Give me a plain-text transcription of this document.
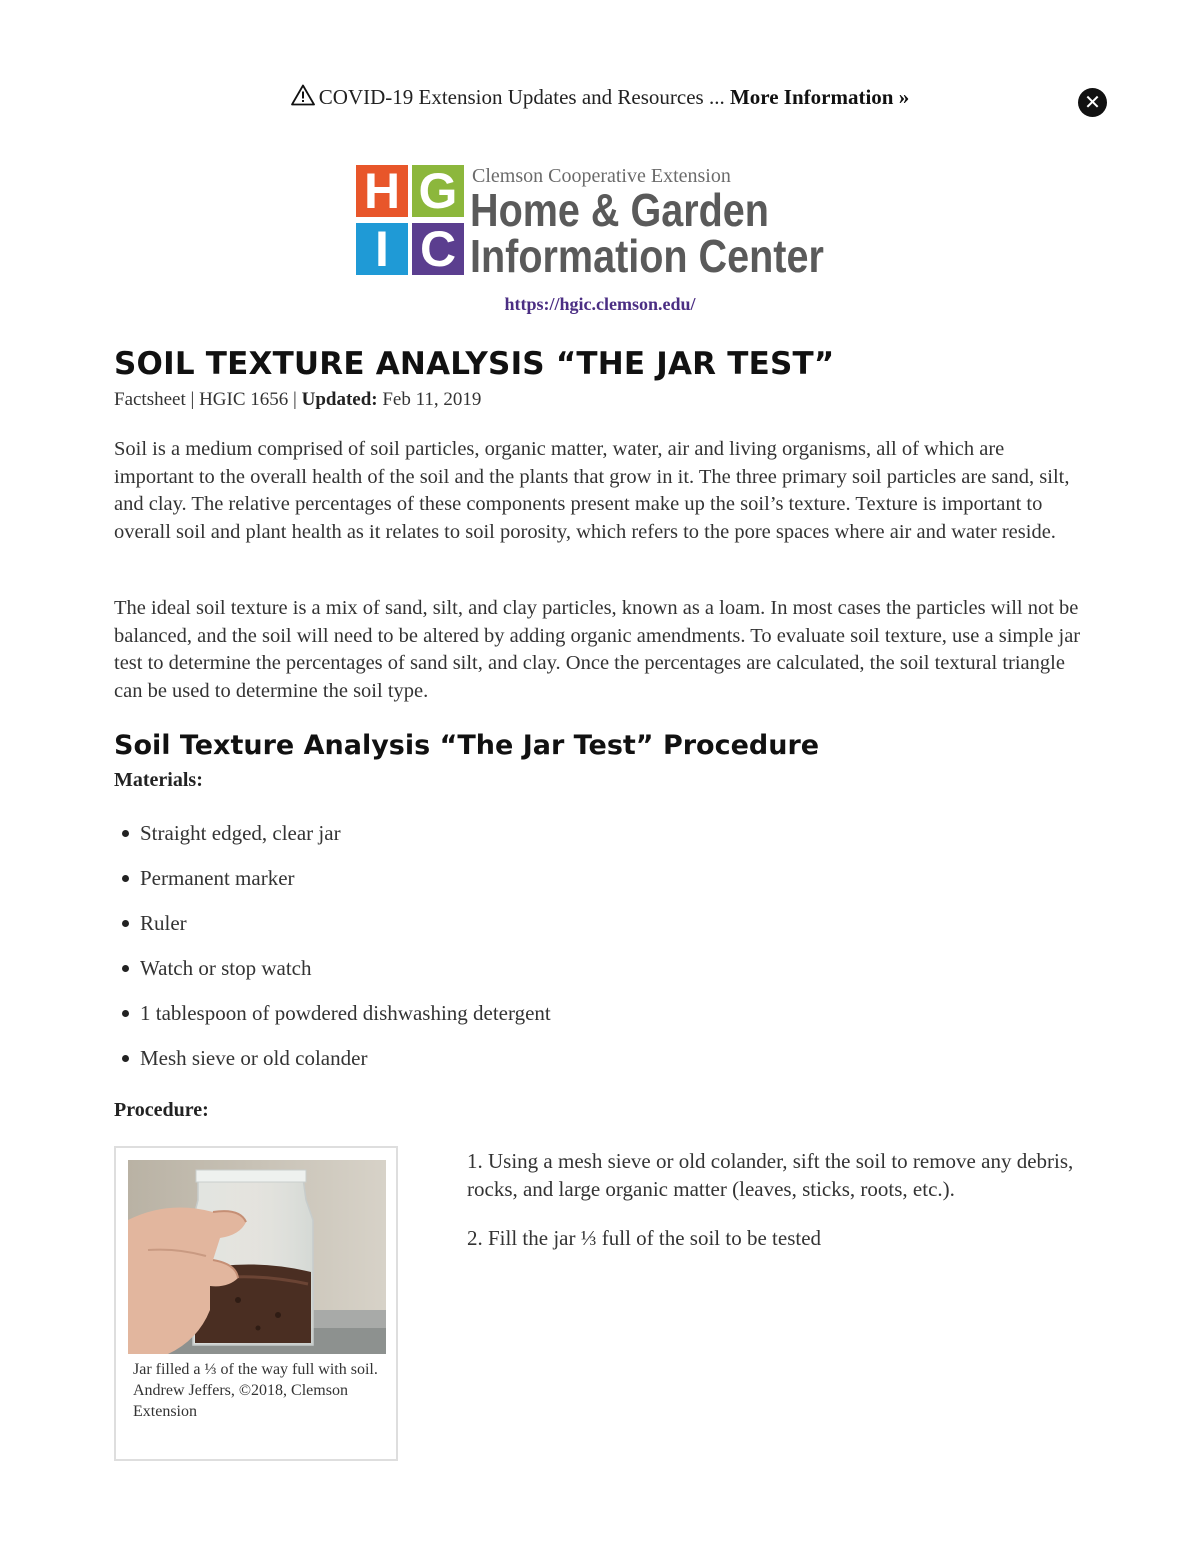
COVID-19 Extension Updates and Resources ... More Information »	✕
H G
I C
Clemson Cooperative Extension
Home & Garden
Information Center
https://hgic.clemson.edu/
SOIL TEXTURE ANALYSIS “THE JAR TEST”
Factsheet | HGIC 1656 | Updated: Feb 11, 2019

Soil is a medium comprised of soil particles, organic matter, water, air and living organisms, all of which are important to the overall health of the soil and the plants that grow in it. The three primary soil particles are sand, silt, and clay. The relative percentages of these components present make up the soil’s texture. Texture is important to overall soil and plant health as it relates to soil porosity, which refers to the pore spaces where air and water reside.

The ideal soil texture is a mix of sand, silt, and clay particles, known as a loam. In most cases the particles will not be balanced, and the soil will need to be altered by adding organic amendments. To evaluate soil texture, use a simple jar test to determine the percentages of sand silt, and clay. Once the percentages are calculated, the soil textural triangle can be used to determine the soil type.

Soil Texture Analysis “The Jar Test” Procedure
Materials:
Straight edged, clear jar
Permanent marker
Ruler
Watch or stop watch
1 tablespoon of powdered dishwashing detergent
Mesh sieve or old colander
Procedure:
Jar filled a ⅓ of the way full with soil.
Andrew Jeffers, ©2018, Clemson Extension

1. Using a mesh sieve or old colander, sift the soil to remove any debris, rocks, and large organic matter (leaves, sticks, roots, etc.).

2. Fill the jar ⅓ full of the soil to be tested
